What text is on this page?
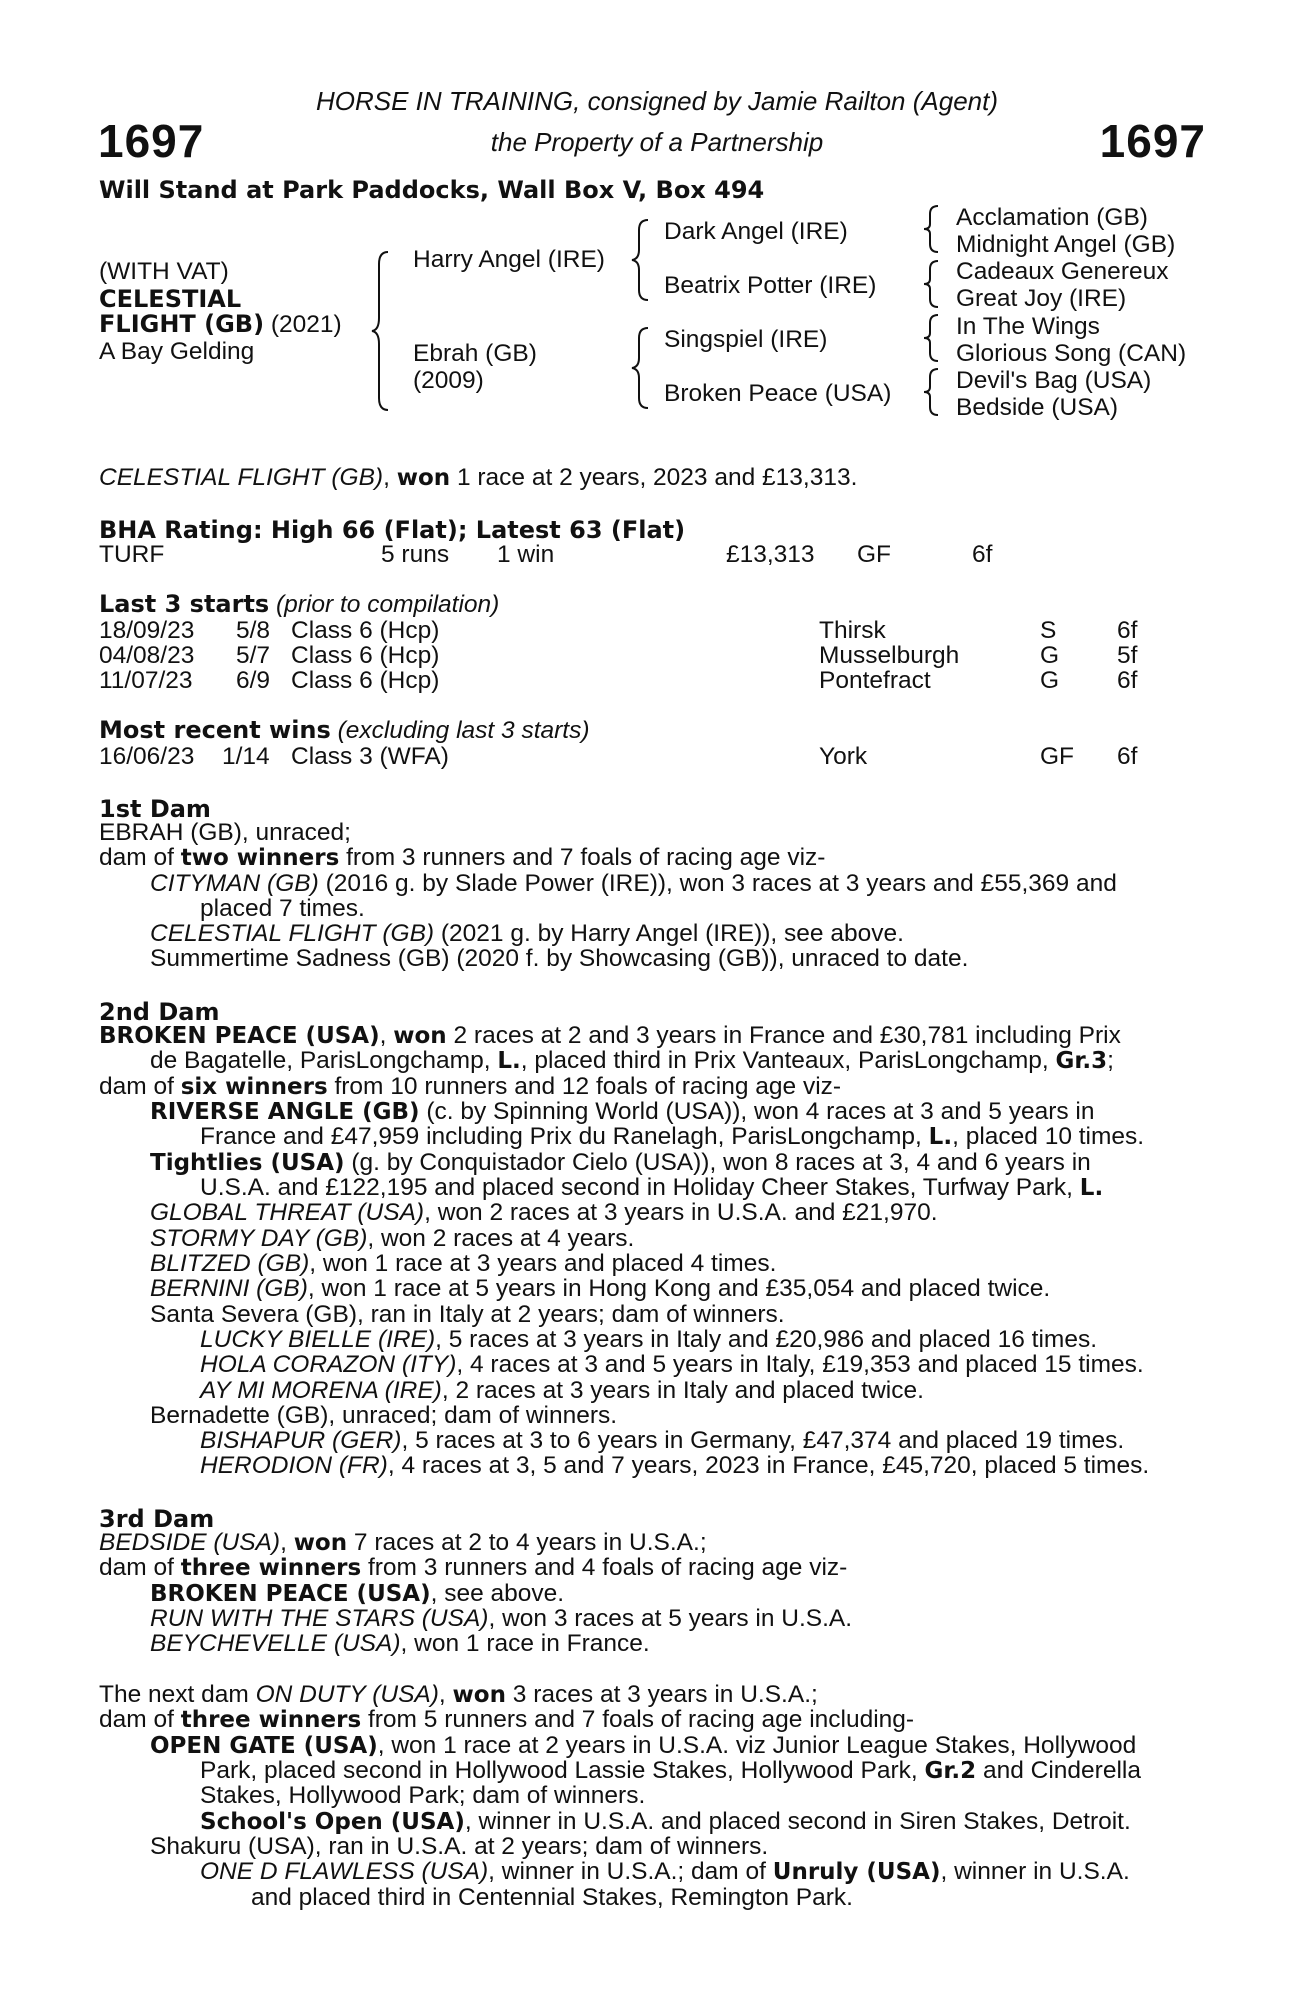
HORSE IN TRAINING, consigned by Jamie Railton (Agent)
the Property of a Partnership
1697	1697
Will Stand at Park Paddocks, Wall Box V, Box 494
(WITH VAT)
CELESTIAL
FLIGHT (GB) (2021)
A Bay Gelding
Harry Angel (IRE)
Ebrah (GB)
(2009)
Dark Angel (IRE)
Beatrix Potter (IRE)
Singspiel (IRE)
Broken Peace (USA)
Acclamation (GB)
Midnight Angel (GB)
Cadeaux Genereux
Great Joy (IRE)
In The Wings
Glorious Song (CAN)
Devil's Bag (USA)
Bedside (USA)
CELESTIAL FLIGHT (GB), won 1 race at 2 years, 2023 and £13,313.
BHA Rating: High 66 (Flat); Latest 63 (Flat)
TURF	5 runs 1 win	£13,313 GF	6f
Last 3 starts (prior to compilation)
18/09/23 5/8 Class 6 (Hcp)	Thirsk	S 6f
04/08/23 5/7 Class 6 (Hcp)	Musselburgh	G 5f
11/07/23 6/9 Class 6 (Hcp)	Pontefract	G 6f
Most recent wins (excluding last 3 starts)
16/06/23 1/14 Class 3 (WFA)	York	GF 6f
1st Dam
EBRAH (GB), unraced;
dam of two winners from 3 runners and 7 foals of racing age viz-
CITYMAN (GB) (2016 g. by Slade Power (IRE)), won 3 races at 3 years and £55,369 and
placed 7 times.
CELESTIAL FLIGHT (GB) (2021 g. by Harry Angel (IRE)), see above.
Summertime Sadness (GB) (2020 f. by Showcasing (GB)), unraced to date.
2nd Dam
BROKEN PEACE (USA), won 2 races at 2 and 3 years in France and £30,781 including Prix
de Bagatelle, ParisLongchamp, L., placed third in Prix Vanteaux, ParisLongchamp, Gr.3;
dam of six winners from 10 runners and 12 foals of racing age viz-
RIVERSE ANGLE (GB) (c. by Spinning World (USA)), won 4 races at 3 and 5 years in
France and £47,959 including Prix du Ranelagh, ParisLongchamp, L., placed 10 times.
Tightlies (USA) (g. by Conquistador Cielo (USA)), won 8 races at 3, 4 and 6 years in
U.S.A. and £122,195 and placed second in Holiday Cheer Stakes, Turfway Park, L.
GLOBAL THREAT (USA), won 2 races at 3 years in U.S.A. and £21,970.
STORMY DAY (GB), won 2 races at 4 years.
BLITZED (GB), won 1 race at 3 years and placed 4 times.
BERNINI (GB), won 1 race at 5 years in Hong Kong and £35,054 and placed twice.
Santa Severa (GB), ran in Italy at 2 years; dam of winners.
LUCKY BIELLE (IRE), 5 races at 3 years in Italy and £20,986 and placed 16 times.
HOLA CORAZON (ITY), 4 races at 3 and 5 years in Italy, £19,353 and placed 15 times.
AY MI MORENA (IRE), 2 races at 3 years in Italy and placed twice.
Bernadette (GB), unraced; dam of winners.
BISHAPUR (GER), 5 races at 3 to 6 years in Germany, £47,374 and placed 19 times.
HERODION (FR), 4 races at 3, 5 and 7 years, 2023 in France, £45,720, placed 5 times.
3rd Dam
BEDSIDE (USA), won 7 races at 2 to 4 years in U.S.A.;
dam of three winners from 3 runners and 4 foals of racing age viz-
BROKEN PEACE (USA), see above.
RUN WITH THE STARS (USA), won 3 races at 5 years in U.S.A.
BEYCHEVELLE (USA), won 1 race in France.
The next dam ON DUTY (USA), won 3 races at 3 years in U.S.A.;
dam of three winners from 5 runners and 7 foals of racing age including-
OPEN GATE (USA), won 1 race at 2 years in U.S.A. viz Junior League Stakes, Hollywood
Park, placed second in Hollywood Lassie Stakes, Hollywood Park, Gr.2 and Cinderella
Stakes, Hollywood Park; dam of winners.
School's Open (USA), winner in U.S.A. and placed second in Siren Stakes, Detroit.
Shakuru (USA), ran in U.S.A. at 2 years; dam of winners.
ONE D FLAWLESS (USA), winner in U.S.A.; dam of Unruly (USA), winner in U.S.A.
and placed third in Centennial Stakes, Remington Park.
